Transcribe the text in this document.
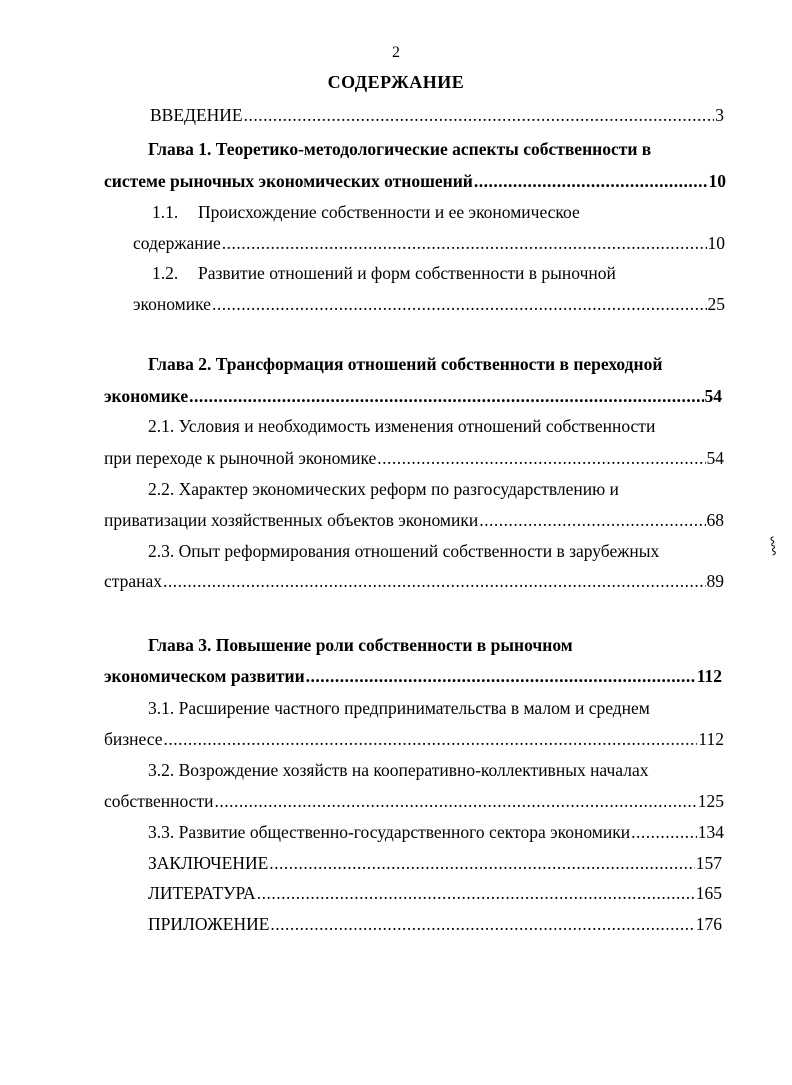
2
СОДЕРЖАНИЕ
ВВЕДЕНИЕ .....	3
Глава 1. Теоретико-методологические аспекты собственности в
системе рыночных экономических отношений .....	10
1.1. Происхождение собственности и ее экономическое
содержание .....	10
1.2. Развитие отношений и форм собственности в рыночной
экономике .....	25
Глава 2. Трансформация отношений собственности в переходной
экономике .....	54
2.1. Условия и необходимость изменения отношений собственности
при переходе к рыночной экономике .....	54
2.2. Характер экономических реформ по разгосударствлению и
приватизации хозяйственных объектов экономики .....	68
2.3. Опыт реформирования отношений собственности в зарубежных
странах .....	89
Глава 3. Повышение роли собственности в рыночном
экономическом развитии .....	112
3.1. Расширение частного предпринимательства в малом и среднем
бизнесе .....	112
3.2. Возрождение хозяйств на кооперативно-коллективных началах
собственности .....	125
3.3. Развитие общественно-государственного сектора экономики .....	134
ЗАКЛЮЧЕНИЕ .....	157
ЛИТЕРАТУРА .....	165
ПРИЛОЖЕНИЕ .....	176
⸾
